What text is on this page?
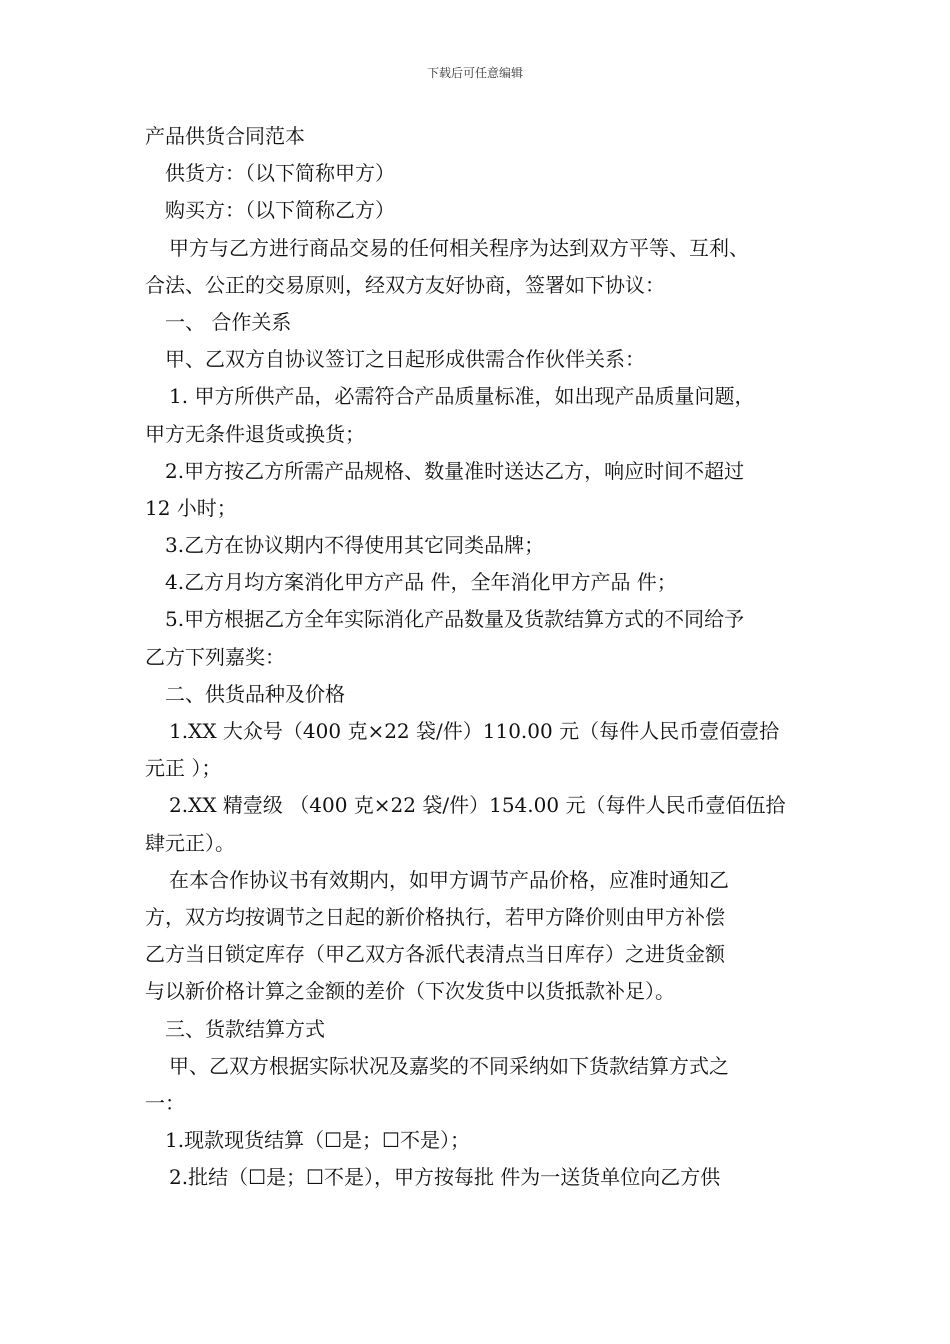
下载后可任意编辑
产品供货合同范本
供货方：（以下简称甲方）
购买方：（以下简称乙方）
甲方与乙方进行商品交易的任何相关程序为达到双方平等、互利、
合法、公正的交易原则，经双方友好协商，签署如下协议：
一、 合作关系
甲、乙双方自协议签订之日起形成供需合作伙伴关系：
1. 甲方所供产品，必需符合产品质量标准，如出现产品质量问题，
甲方无条件退货或换货；
2.甲方按乙方所需产品规格、数量准时送达乙方，响应时间不超过
12 小时；
3.乙方在协议期内不得使用其它同类品牌；
4.乙方月均方案消化甲方产品 件，全年消化甲方产品 件；
5.甲方根据乙方全年实际消化产品数量及货款结算方式的不同给予
乙方下列嘉奖：
二、供货品种及价格
1.XX 大众号（400 克×22 袋/件）110.00 元（每件人民币壹佰壹拾
元正 ）；
2.XX 精壹级 （400 克×22 袋/件）154.00 元（每件人民币壹佰伍拾
肆元正）。
在本合作协议书有效期内，如甲方调节产品价格，应准时通知乙
方，双方均按调节之日起的新价格执行，若甲方降价则由甲方补偿
乙方当日锁定库存（甲乙双方各派代表清点当日库存）之进货金额
与以新价格计算之金额的差价（下次发货中以货抵款补足）。
三、货款结算方式
甲、乙双方根据实际状况及嘉奖的不同采纳如下货款结算方式之
一：
1.现款现货结算（☐是；☐不是）；
2.批结（☐是；☐不是），甲方按每批 件为一送货单位向乙方供
